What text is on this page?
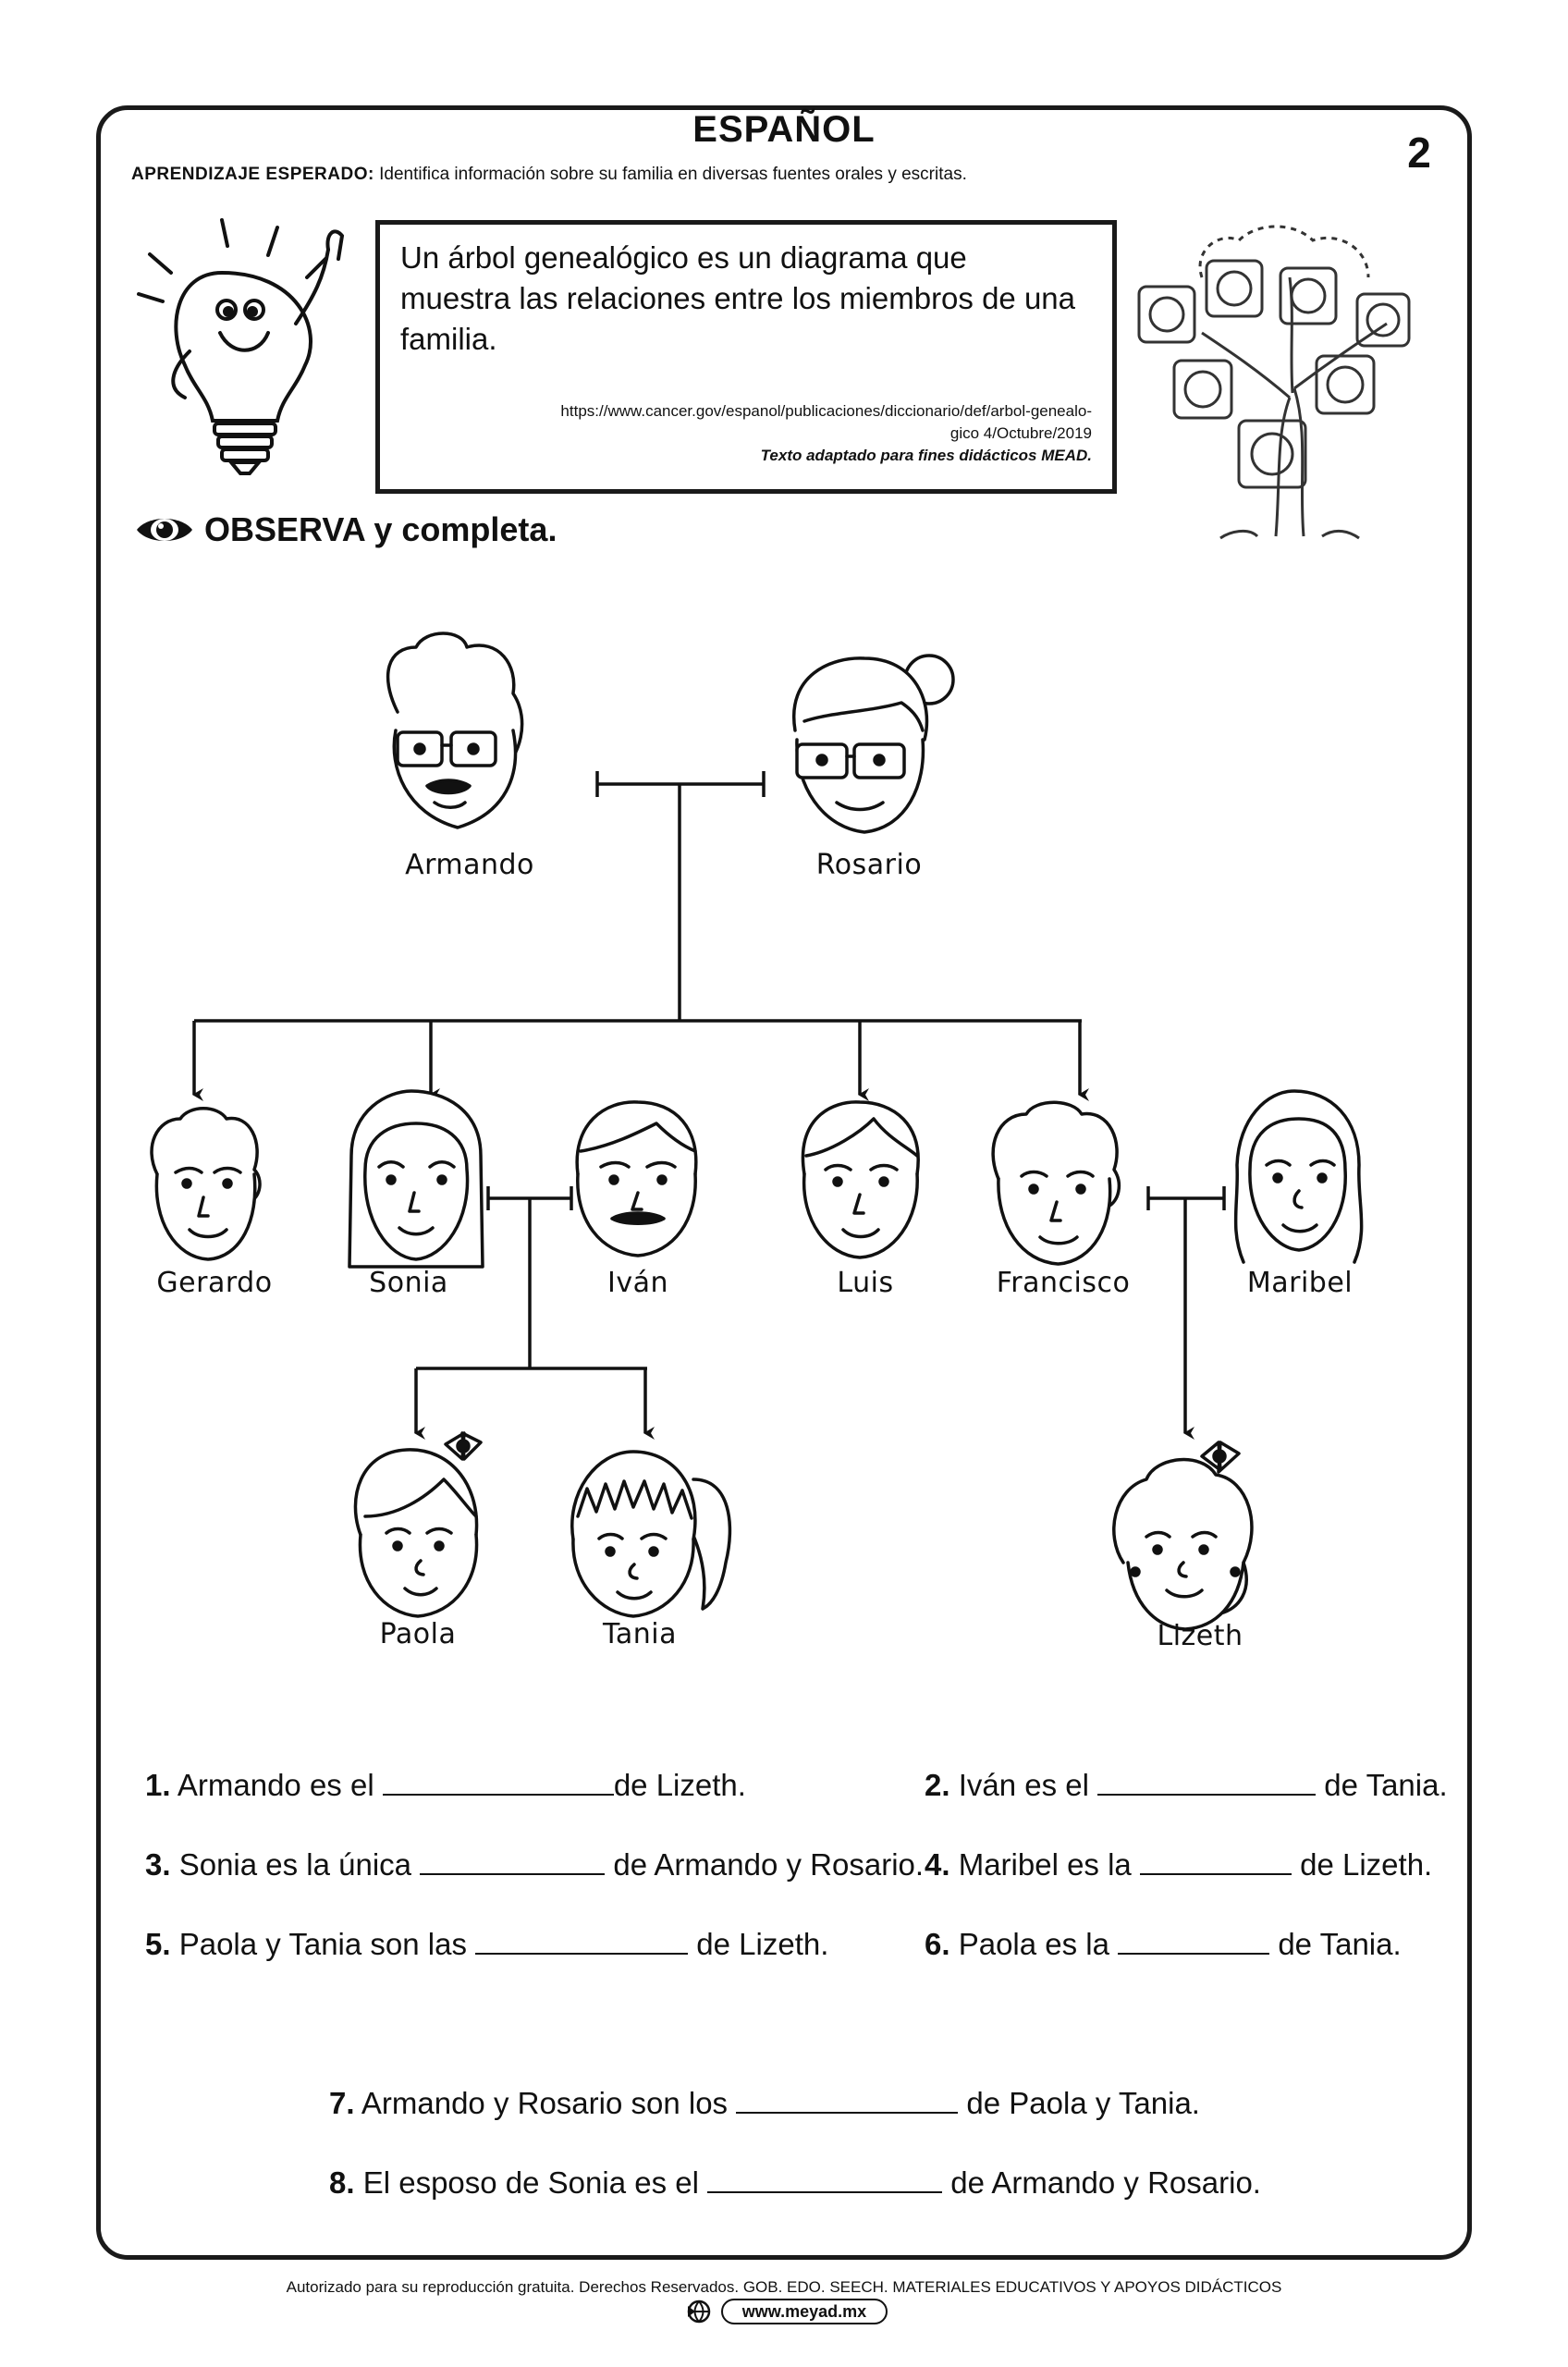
ESPAÑOL	2
APRENDIZAJE ESPERADO: Identifica información sobre su familia en diversas fuentes orales y escritas.
Un árbol genealógico es un diagrama que muestra las relaciones entre los miembros de una familia.
https://www.cancer.gov/espanol/publicaciones/diccionario/def/arbol-genealo-
gico 4/Octubre/2019
Texto adaptado para fines didácticos MEAD.
OBSERVA y completa.
Armando	Rosario
Gerardo	Sonia	Iván	Luis	Francisco	Maribel
Paola	Tania	Lizeth
1. Armando es el	de Lizeth.	2. Iván es el	de Tania.
3. Sonia es la única	de Armando y Rosario. 4. Maribel es la	de Lizeth.
5. Paola y Tania son las	de Lizeth.	6. Paola es la	de Tania.
7. Armando y Rosario son los	de Paola y Tania.
8. El esposo de Sonia es el	de Armando y Rosario.
Autorizado para su reproducción gratuita. Derechos Reservados. GOB. EDO. SEECH. MATERIALES EDUCATIVOS Y APOYOS DIDÁCTICOS
www.meyad.mx
